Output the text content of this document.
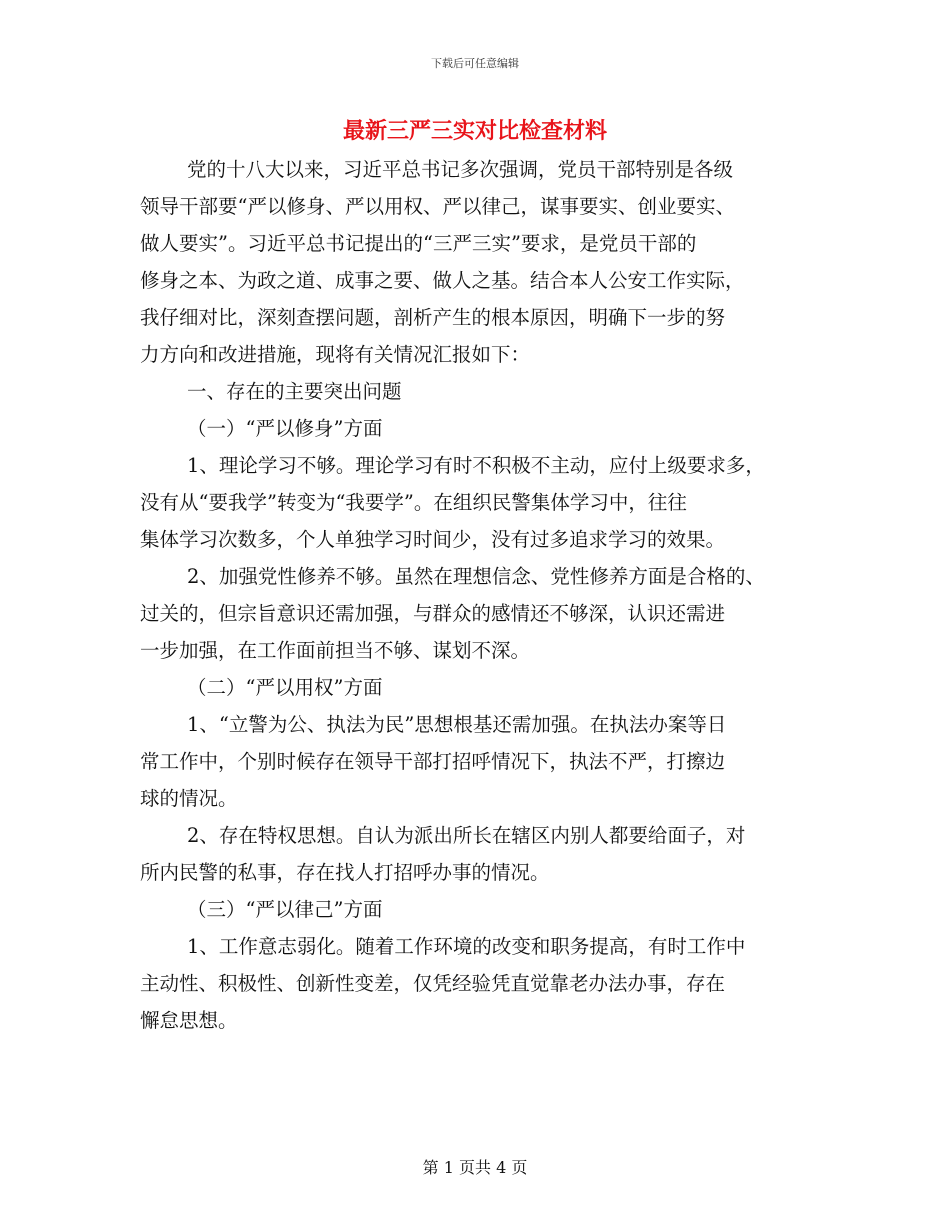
下载后可任意编辑
最新三严三实对比检查材料
党的十八大以来，习近平总书记多次强调，党员干部特别是各级
领导干部要“严以修身、严以用权、严以律己，谋事要实、创业要实、
做人要实”。习近平总书记提出的“三严三实”要求，是党员干部的
修身之本、为政之道、成事之要、做人之基。结合本人公安工作实际，
我仔细对比，深刻查摆问题，剖析产生的根本原因，明确下一步的努
力方向和改进措施，现将有关情况汇报如下：
一、存在的主要突出问题
（一）“严以修身”方面
1、理论学习不够。理论学习有时不积极不主动，应付上级要求多，
没有从“要我学”转变为“我要学”。在组织民警集体学习中，往往
集体学习次数多，个人单独学习时间少，没有过多追求学习的效果。
2、加强党性修养不够。虽然在理想信念、党性修养方面是合格的、
过关的，但宗旨意识还需加强，与群众的感情还不够深，认识还需进
一步加强，在工作面前担当不够、谋划不深。
（二）“严以用权”方面
1、“立警为公、执法为民”思想根基还需加强。在执法办案等日
常工作中，个别时候存在领导干部打招呼情况下，执法不严，打擦边
球的情况。
2、存在特权思想。自认为派出所长在辖区内别人都要给面子，对
所内民警的私事，存在找人打招呼办事的情况。
（三）“严以律己”方面
1、工作意志弱化。随着工作环境的改变和职务提高，有时工作中
主动性、积极性、创新性变差，仅凭经验凭直觉靠老办法办事，存在
懈怠思想。
第 1 页共 4 页
